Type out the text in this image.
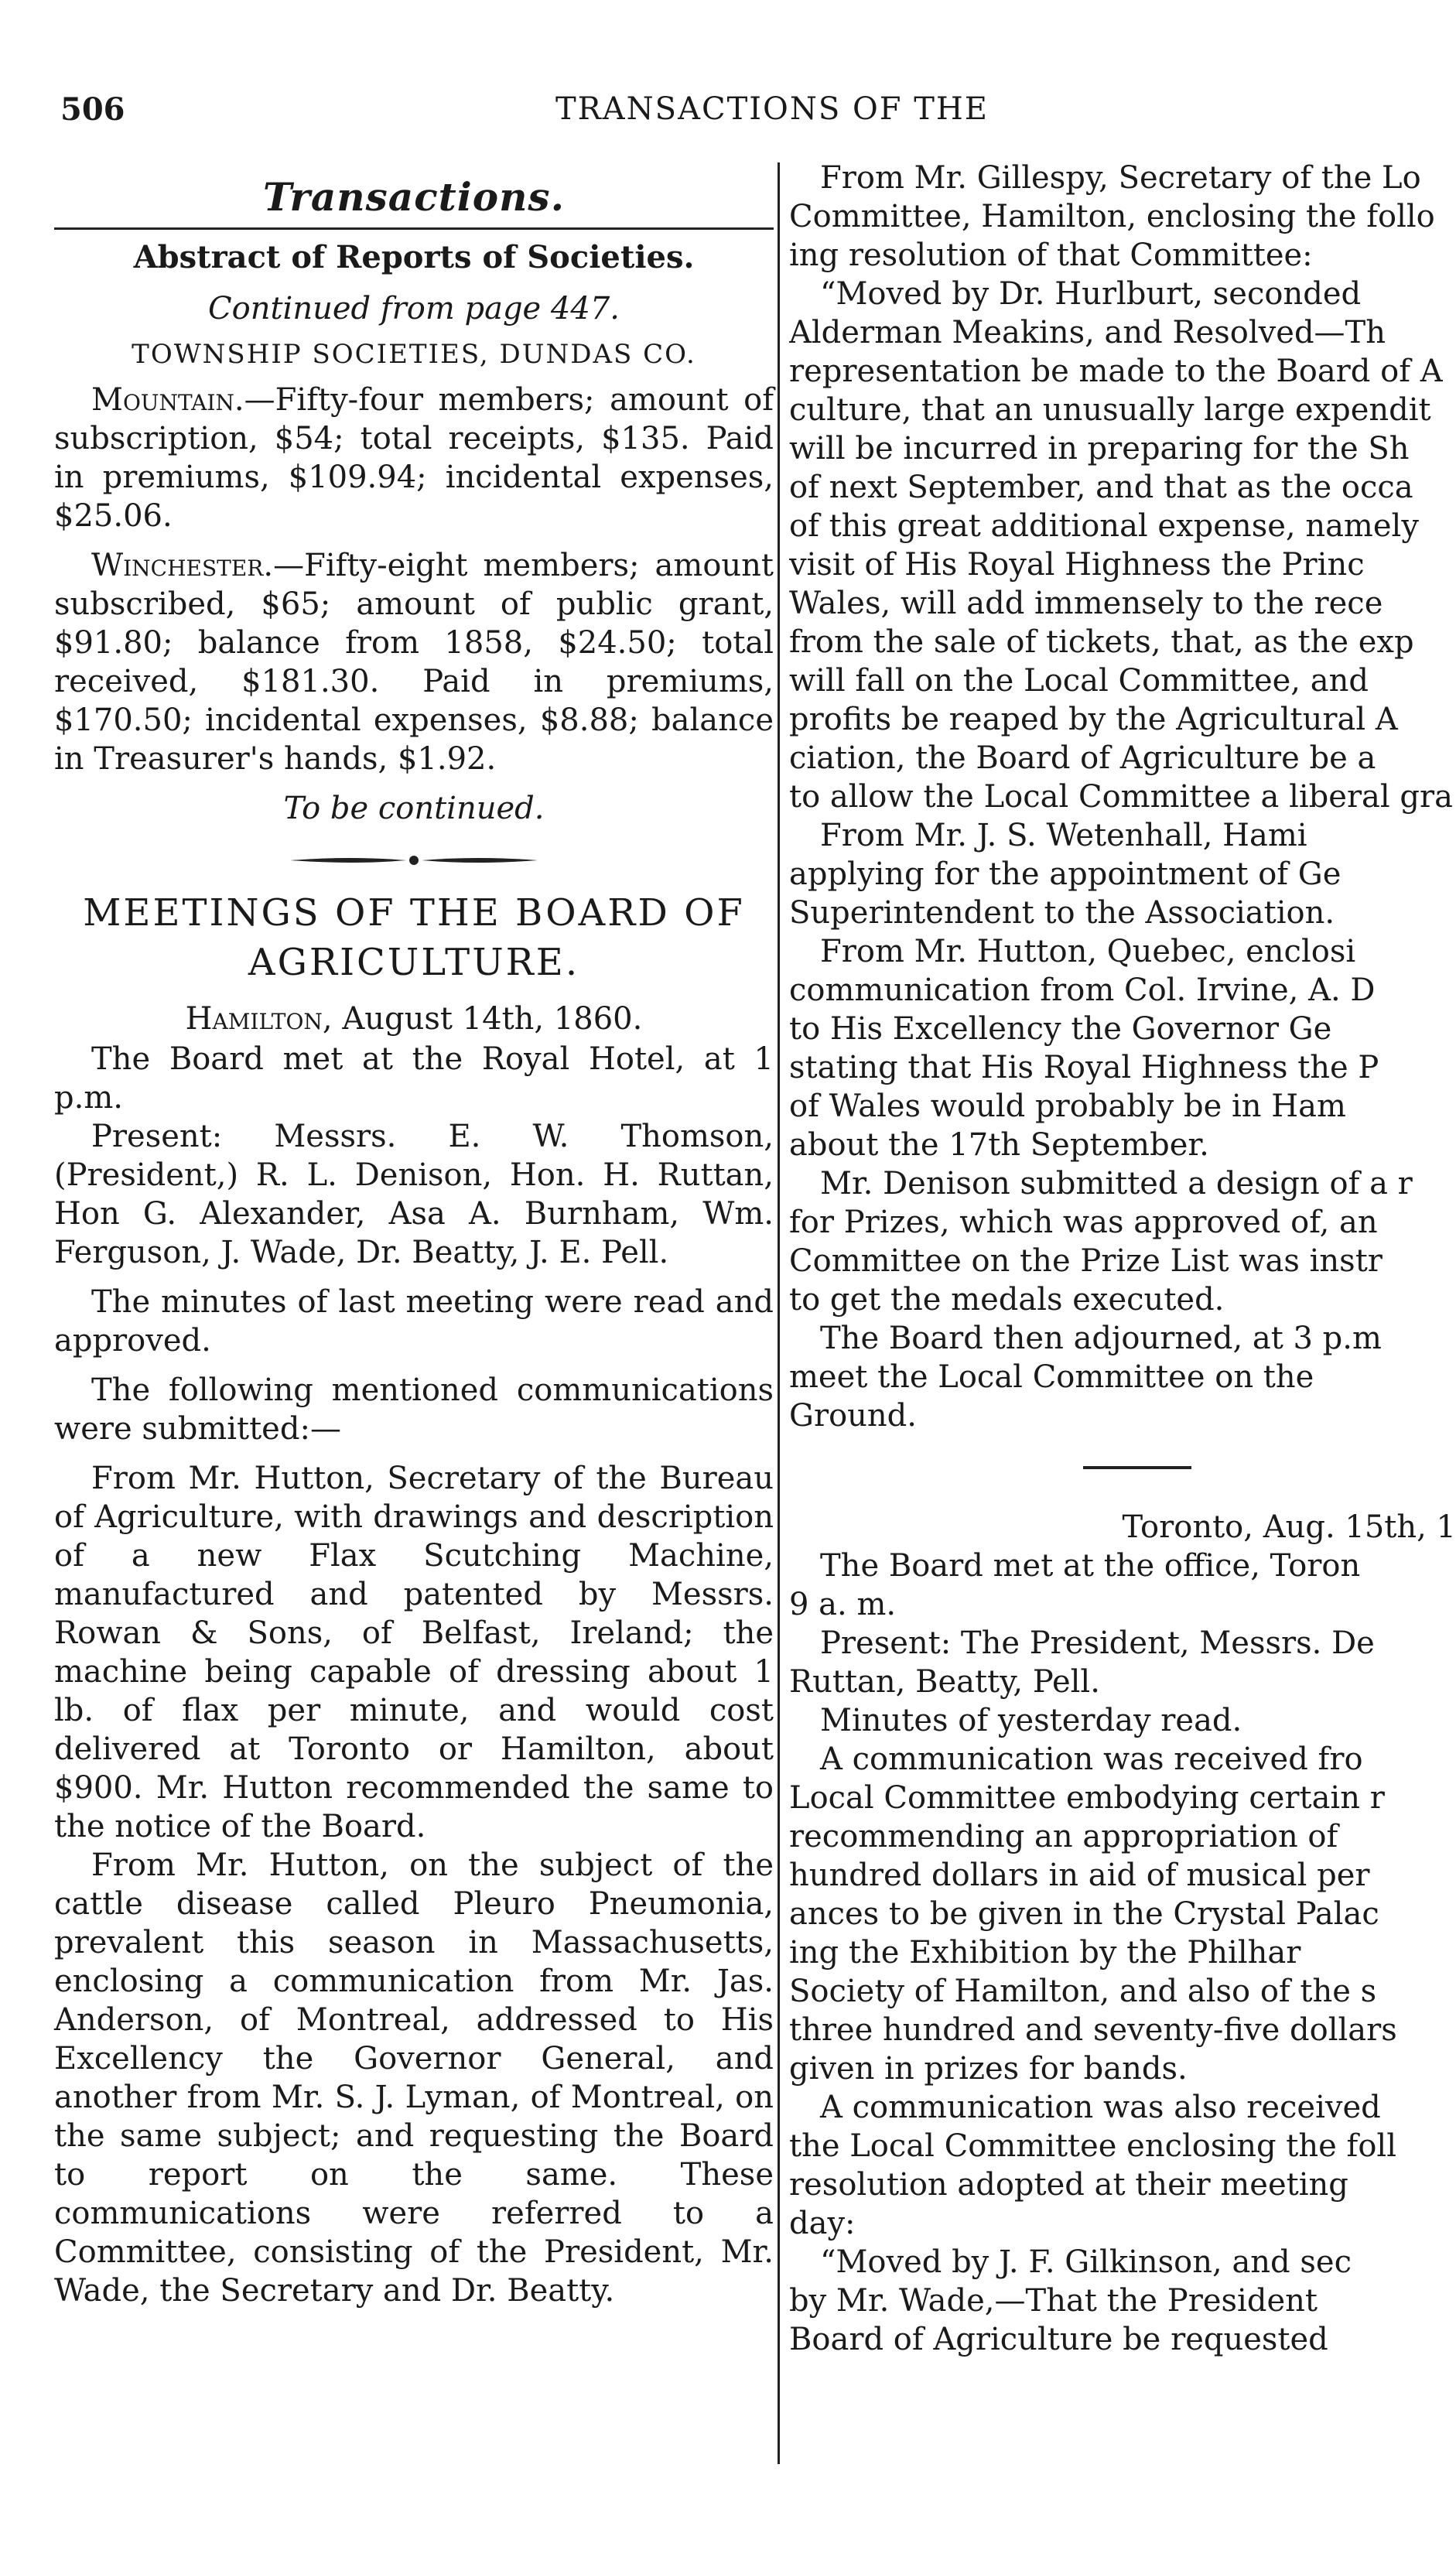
506	TRANSACTIONS OF THE
Transactions.
Abstract of Reports of Societies.

Continued from page 447.

TOWNSHIP SOCIETIES, DUNDAS CO.

Mountain.—Fifty-four members; amount of subscription, $54; total receipts, $135. Paid in premiums, $109.94; incidental expenses, $25.06.

Winchester.—Fifty-eight members; amount subscribed, $65; amount of public grant, $91.80; balance from 1858, $24.50; total received, $181.30. Paid in premiums, $170.50; incidental expenses, $8.88; balance in Treasurer's hands, $1.92.

To be continued.

MEETINGS OF THE BOARD OF AGRICULTURE.
Hamilton, August 14th, 1860.

The Board met at the Royal Hotel, at 1 p.m.

Present: Messrs. E. W. Thomson, (President,) R. L. Denison, Hon. H. Ruttan, Hon G. Alexander, Asa A. Burnham, Wm. Ferguson, J. Wade, Dr. Beatty, J. E. Pell.

The minutes of last meeting were read and approved.

The following mentioned communications were submitted:—

From Mr. Hutton, Secretary of the Bureau of Agriculture, with drawings and description of a new Flax Scutching Machine, manufactured and patented by Messrs. Rowan & Sons, of Belfast, Ireland; the machine being capable of dressing about 1 lb. of flax per minute, and would cost delivered at Toronto or Hamilton, about $900. Mr. Hutton recommended the same to the notice of the Board.

From Mr. Hutton, on the subject of the cattle disease called Pleuro Pneumonia, prevalent this season in Massachusetts, enclosing a communication from Mr. Jas. Anderson, of Montreal, addressed to His Excellency the Governor General, and another from Mr. S. J. Lyman, of Montreal, on the same subject; and requesting the Board to report on the same. These communications were referred to a Committee, consisting of the President, Mr. Wade, the Secretary and Dr. Beatty.

From Mr. Gillespy, Secretary of the Lo

Committee, Hamilton, enclosing the follo

ing resolution of that Committee:

“Moved by Dr. Hurlburt, seconded

Alderman Meakins, and Resolved—Th

representation be made to the Board of A

culture, that an unusually large expendit

will be incurred in preparing for the Sh

of next September, and that as the occa

of this great additional expense, namely

visit of His Royal Highness the Princ

Wales, will add immensely to the rece

from the sale of tickets, that, as the exp

will fall on the Local Committee, and

profits be reaped by the Agricultural A

ciation, the Board of Agriculture be a

to allow the Local Committee a liberal gra

From Mr. J. S. Wetenhall, Hami

applying for the appointment of Ge

Superintendent to the Association.

From Mr. Hutton, Quebec, enclosi

communication from Col. Irvine, A. D

to His Excellency the Governor Ge

stating that His Royal Highness the P

of Wales would probably be in Ham

about the 17th September.

Mr. Denison submitted a design of a r

for Prizes, which was approved of, an

Committee on the Prize List was instr

to get the medals executed.

The Board then adjourned, at 3 p.m

meet the Local Committee on the

Ground.

Toronto, Aug. 15th, 1

The Board met at the office, Toron

9 a. m.

Present: The President, Messrs. De

Ruttan, Beatty, Pell.

Minutes of yesterday read.

A communication was received fro

Local Committee embodying certain r

recommending an appropriation of

hundred dollars in aid of musical per

ances to be given in the Crystal Palac

ing the Exhibition by the Philhar

Society of Hamilton, and also of the s

three hundred and seventy-five dollars

given in prizes for bands.

A communication was also received

the Local Committee enclosing the foll

resolution adopted at their meeting

day:

“Moved by J. F. Gilkinson, and sec

by Mr. Wade,—That the President

Board of Agriculture be requested
